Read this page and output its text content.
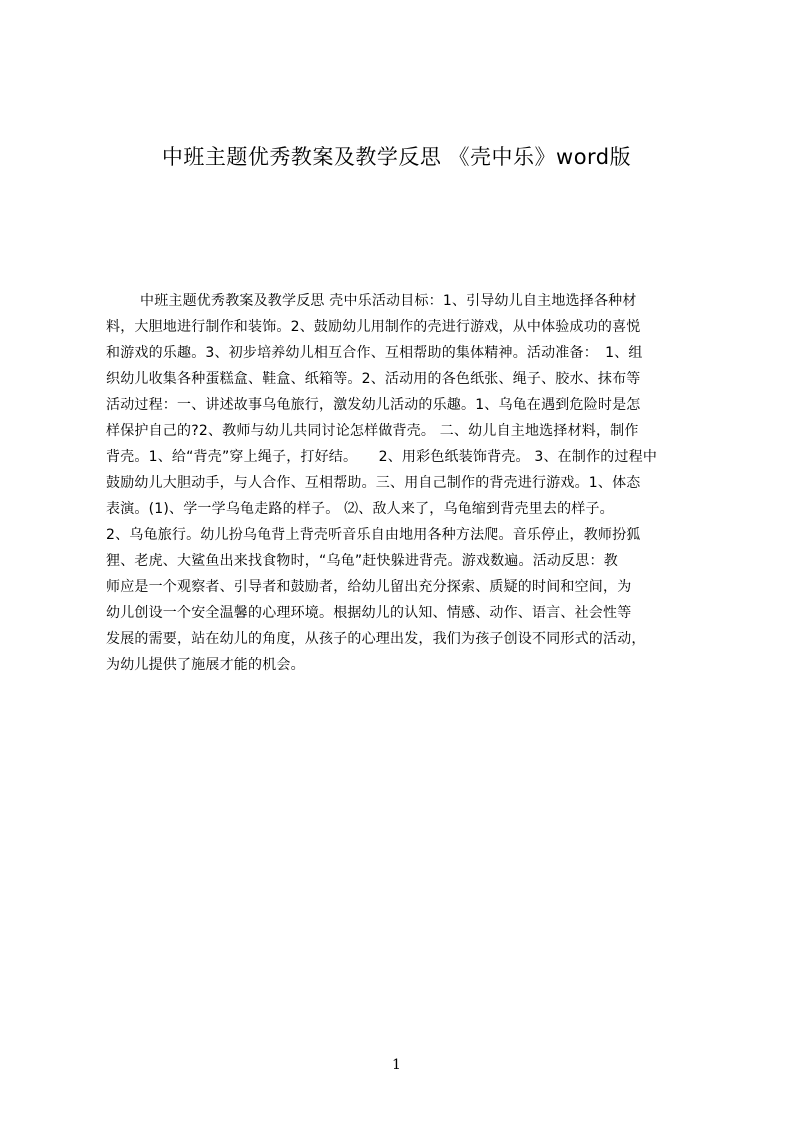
中班主题优秀教案及教学反思 《壳中乐》word版
中班主题优秀教案及教学反思 壳中乐活动目标：1、引导幼儿自主地选择各种材
料，大胆地进行制作和装饰。2、鼓励幼儿用制作的壳进行游戏，从中体验成功的喜悦
和游戏的乐趣。3、初步培养幼儿相互合作、互相帮助的集体精神。活动准备：　1、组
织幼儿收集各种蛋糕盒、鞋盒、纸箱等。2、活动用的各色纸张、绳子、胶水、抹布等
活动过程：一、讲述故事乌龟旅行，激发幼儿活动的乐趣。1、乌龟在遇到危险时是怎
样保护自己的?2、教师与幼儿共同讨论怎样做背壳。 二、幼儿自主地选择材料，制作
背壳。1、给“背壳”穿上绳子，打好结。　　2、用彩色纸装饰背壳。 3、在制作的过程中
鼓励幼儿大胆动手，与人合作、互相帮助。三、用自己制作的背壳进行游戏。1、体态
表演。(1)、学一学乌龟走路的样子。 ⑵、敌人来了，乌龟缩到背壳里去的样子。
2、乌龟旅行。幼儿扮乌龟背上背壳听音乐自由地用各种方法爬。音乐停止，教师扮狐
狸、老虎、大鲨鱼出来找食物时，“乌龟”赶快躲进背壳。游戏数遍。活动反思：教
师应是一个观察者、引导者和鼓励者，给幼儿留出充分探索、质疑的时间和空间，为
幼儿创设一个安全温馨的心理环境。根据幼儿的认知、情感、动作、语言、社会性等
发展的需要，站在幼儿的角度，从孩子的心理出发，我们为孩子创设不同形式的活动，
为幼儿提供了施展才能的机会。
1
